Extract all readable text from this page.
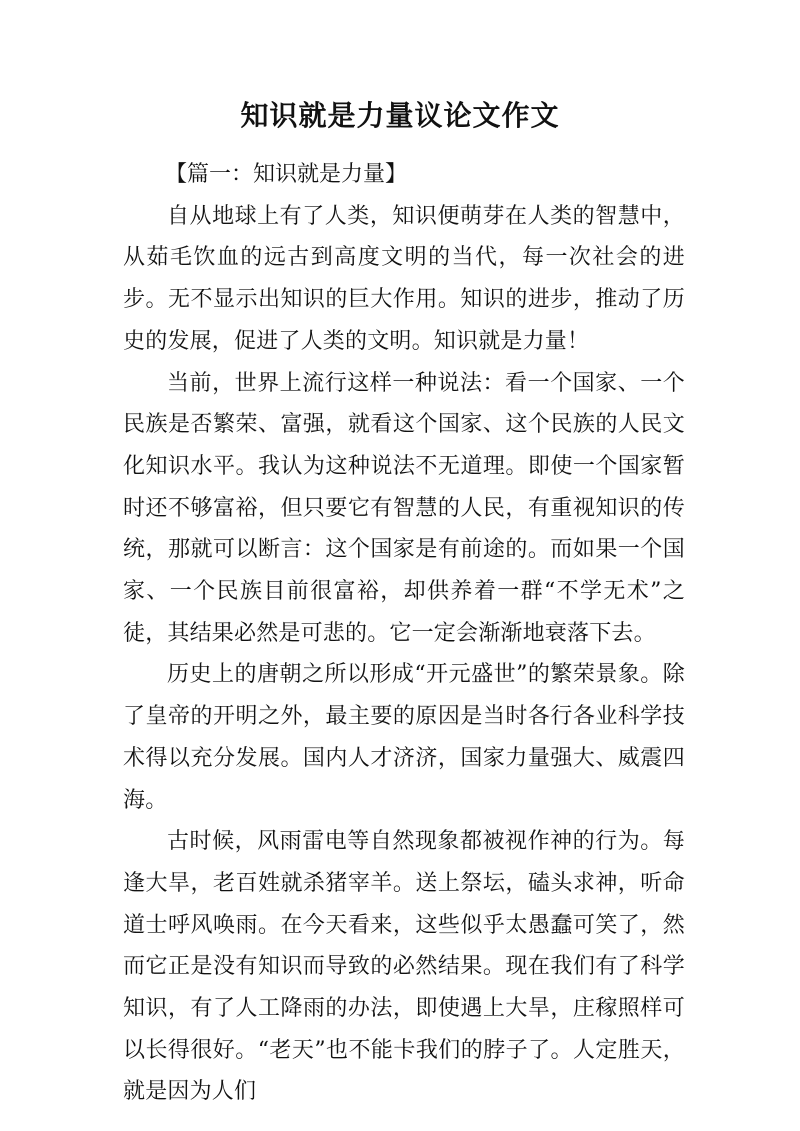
知识就是力量议论文作文

【篇一：知识就是力量】

自从地球上有了人类，知识便萌芽在人类的智慧中，从茹毛饮血的远古到高度文明的当代，每一次社会的进步。无不显示出知识的巨大作用。知识的进步，推动了历史的发展，促进了人类的文明。知识就是力量！

当前，世界上流行这样一种说法：看一个国家、一个民族是否繁荣、富强，就看这个国家、这个民族的人民文化知识水平。我认为这种说法不无道理。即使一个国家暂时还不够富裕，但只要它有智慧的人民，有重视知识的传统，那就可以断言：这个国家是有前途的。而如果一个国家、一个民族目前很富裕，却供养着一群“不学无术”之徒，其结果必然是可悲的。它一定会渐渐地衰落下去。

历史上的唐朝之所以形成“开元盛世”的繁荣景象。除了皇帝的开明之外，最主要的原因是当时各行各业科学技术得以充分发展。国内人才济济，国家力量强大、威震四海。

古时候，风雨雷电等自然现象都被视作神的行为。每逢大旱，老百姓就杀猪宰羊。送上祭坛，磕头求神，听命道士呼风唤雨。在今天看来，这些似乎太愚蠢可笑了，然而它正是没有知识而导致的必然结果。现在我们有了科学知识，有了人工降雨的办法，即使遇上大旱，庄稼照样可以长得很好。“老天”也不能卡我们的脖子了。人定胜天，就是因为人们
